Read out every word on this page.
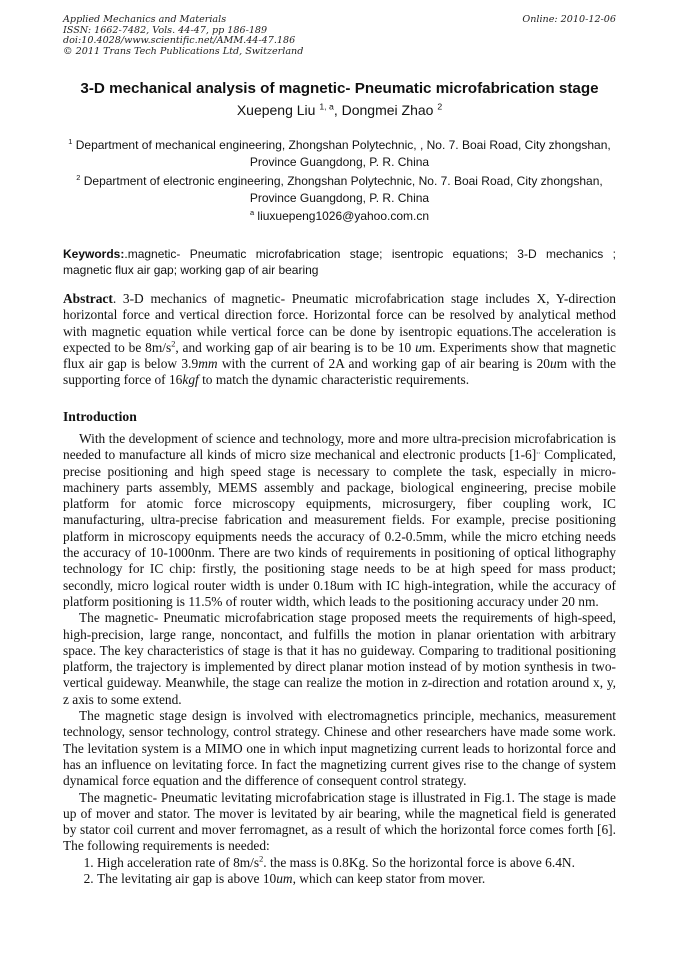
Applied Mechanics and Materials
ISSN: 1662-7482, Vols. 44-47, pp 186-189
doi:10.4028/www.scientific.net/AMM.44-47.186
© 2011 Trans Tech Publications Ltd, Switzerland
Online: 2010-12-06
3-D mechanical analysis of magnetic- Pneumatic microfabrication stage
Xuepeng Liu $^{1, a}$, Dongmei Zhao $^2$
$^1$ Department of mechanical engineering, Zhongshan Polytechnic, , No. 7. Boai Road, City zhongshan, Province Guangdong, P. R. China
$^2$ Department of electronic engineering, Zhongshan Polytechnic, No. 7. Boai Road, City zhongshan, Province Guangdong, P. R. China
$^a$ liuxuepeng1026@yahoo.com.cn
Keywords:.magnetic- Pneumatic microfabrication stage; isentropic equations; 3-D mechanics ; magnetic flux air gap; working gap of air bearing
Abstract. 3-D mechanics of magnetic- Pneumatic microfabrication stage includes X, Y-direction horizontal force and vertical direction force. Horizontal force can be resolved by analytical method with magnetic equation while vertical force can be done by isentropic equations.The acceleration is expected to be $8m/s^2$, and working gap of air bearing is to be 10 um. Experiments show that magnetic flux air gap is below 3.9mm with the current of 2A and working gap of air bearing is 20um with the supporting force of 16kgf to match the dynamic characteristic requirements.
Introduction

With the development of science and technology, more and more ultra-precision microfabrication is needed to manufacture all kinds of micro size mechanical and electronic products [1-6].. Complicated, precise positioning and high speed stage is necessary to complete the task, especially in micro-machinery parts assembly, MEMS assembly and package, biological engineering, precise mobile platform for atomic force microscopy equipments, microsurgery, fiber coupling work, IC manufacturing, ultra-precise fabrication and measurement fields. For example, precise positioning platform in microscopy equipments needs the accuracy of 0.2-0.5mm, while the micro etching needs the accuracy of 10-1000nm. There are two kinds of requirements in positioning of optical lithography technology for IC chip: firstly, the positioning stage needs to be at high speed for mass product; secondly, micro logical router width is under 0.18um with IC high-integration, while the accuracy of platform positioning is 11.5% of router width, which leads to the positioning accuracy under 20 nm.

The magnetic- Pneumatic microfabrication stage proposed meets the requirements of high-speed, high-precision, large range, noncontact, and fulfills the motion in planar orientation with arbitrary space. The key characteristics of stage is that it has no guideway. Comparing to traditional positioning platform, the trajectory is implemented by direct planar motion instead of by motion synthesis in two-vertical guideway. Meanwhile, the stage can realize the motion in z-direction and rotation around x, y, z axis to some extend.

The magnetic stage design is involved with electromagnetics principle, mechanics, measurement technology, sensor technology, control strategy. Chinese and other researchers have made some work. The levitation system is a MIMO one in which input magnetizing current leads to horizontal force and has an influence on levitating force. In fact the magnetizing current gives rise to the change of system dynamical force equation and the difference of consequent control strategy.

The magnetic- Pneumatic levitating microfabrication stage is illustrated in Fig.1. The stage is made up of mover and stator. The mover is levitated by air bearing, while the magnetical field is generated by stator coil current and mover ferromagnet, as a result of which the horizontal force comes forth [6]. The following requirements is needed:

1. High acceleration rate of $8m/s^2$. the mass is 0.8Kg. So the horizontal force is above 6.4N.
2. The levitating air gap is above 10um, which can keep stator from mover.
